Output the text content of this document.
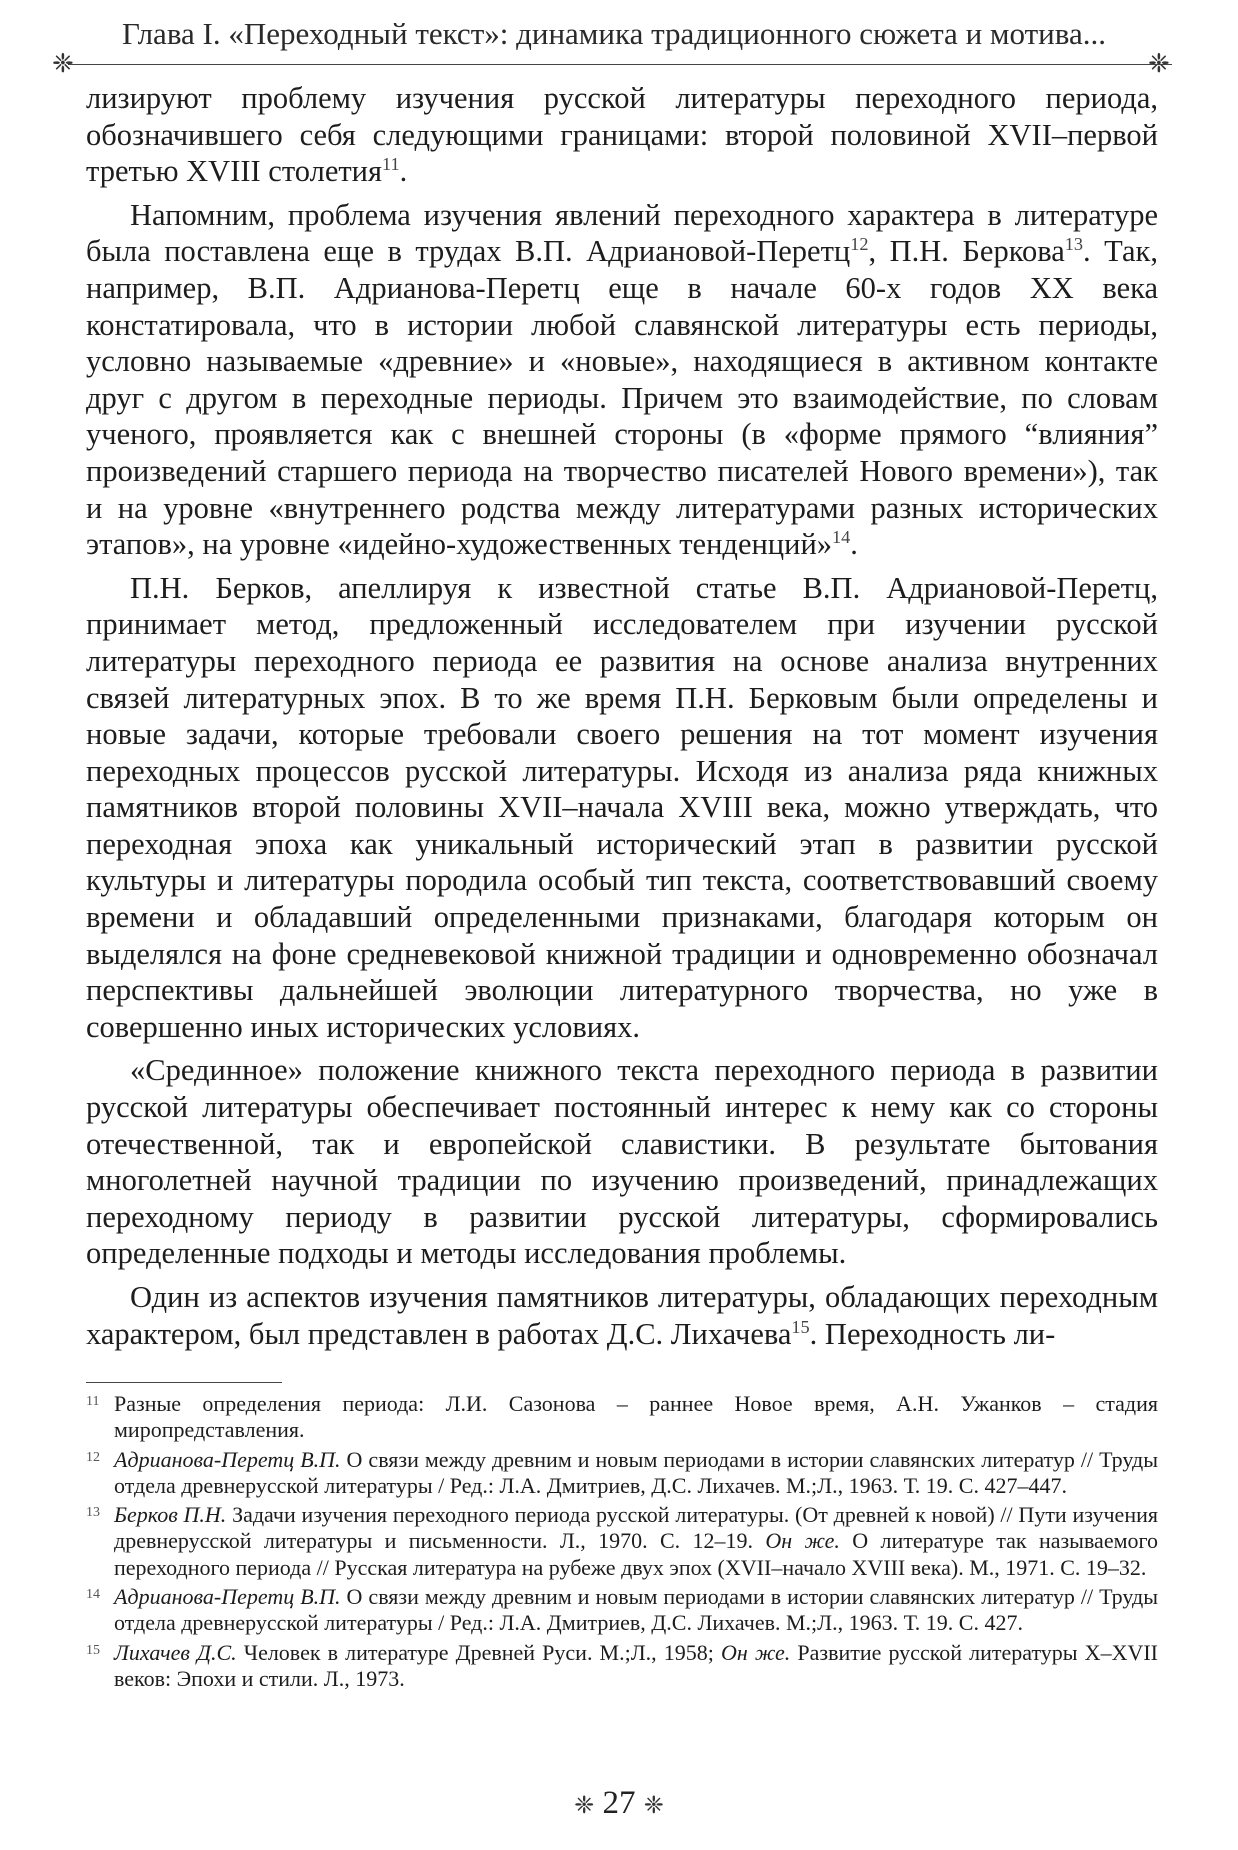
❈
Глава I. «Переходный текст»: динамика традиционного сюжета и мотива...
❈

лизируют проблему изучения русской литературы переходного периода, обозначившего себя следующими границами: второй половиной XVII–первой третью XVIII столетия$^{11}$.

Напомним, проблема изучения явлений переходного характера в литературе была поставлена еще в трудах В.П. Адриановой-Перетц$^{12}$, П.Н. Беркова$^{13}$. Так, например, В.П. Адрианова-Перетц еще в начале 60-х годов XX века констатировала, что в истории любой славянской литературы есть периоды, условно называемые «древние» и «новые», находящиеся в активном контакте друг с другом в переходные периоды. Причем это взаимодействие, по словам ученого, проявляется как с внешней стороны (в «форме прямого “влияния” произведений старшего периода на творчество писателей Нового времени»), так и на уровне «внутреннего родства между литературами разных исторических этапов», на уровне «идейно-художественных тенденций»$^{14}$.

П.Н. Берков, апеллируя к известной статье В.П. Адриановой-Перетц, принимает метод, предложенный исследователем при изучении русской литературы переходного периода ее развития на основе анализа внутренних связей литературных эпох. В то же время П.Н. Берковым были определены и новые задачи, которые требовали своего решения на тот момент изучения переходных процессов русской литературы. Исходя из анализа ряда книжных памятников второй половины XVII–начала XVIII века, можно утверждать, что переходная эпоха как уникальный исторический этап в развитии русской культуры и литературы породила особый тип текста, соответствовавший своему времени и обладавший определенными признаками, благодаря которым он выделялся на фоне средневековой книжной традиции и одновременно обозначал перспективы дальнейшей эволюции литературного творчества, но уже в совершенно иных исторических условиях.

«Срединное» положение книжного текста переходного периода в развитии русской литературы обеспечивает постоянный интерес к нему как со стороны отечественной, так и европейской славистики. В результате бытования многолетней научной традиции по изучению произведений, принадлежащих переходному периоду в развитии русской литературы, сформировались определенные подходы и методы исследования проблемы.

Один из аспектов изучения памятников литературы, обладающих переходным характером, был представлен в работах Д.С. Лихачева$^{15}$. Переходность ли-

11 Разные определения периода: Л.И. Сазонова – раннее Новое время, А.Н. Ужанков – стадия миропредставления.
12 Адрианова-Перетц В.П. О связи между древним и новым периодами в истории славянских литератур // Труды отдела древнерусской литературы / Ред.: Л.А. Дмитриев, Д.С. Лихачев. М.;Л., 1963. Т. 19. С. 427–447.
13 Берков П.Н. Задачи изучения переходного периода русской литературы. (От древней к новой) // Пути изучения древнерусской литературы и письменности. Л., 1970. С. 12–19. Он же. О литературе так называемого переходного периода // Русская литература на рубеже двух эпох (XVII–начало XVIII века). М., 1971. С. 19–32.
14 Адрианова-Перетц В.П. О связи между древним и новым периодами в истории славянских литератур // Труды отдела древнерусской литературы / Ред.: Л.А. Дмитриев, Д.С. Лихачев. М.;Л., 1963. Т. 19. С. 427.
15 Лихачев Д.С. Человек в литературе Древней Руси. М.;Л., 1958; Он же. Развитие русской литературы X–XVII веков: Эпохи и стили. Л., 1973.
❈ 27 ❈
